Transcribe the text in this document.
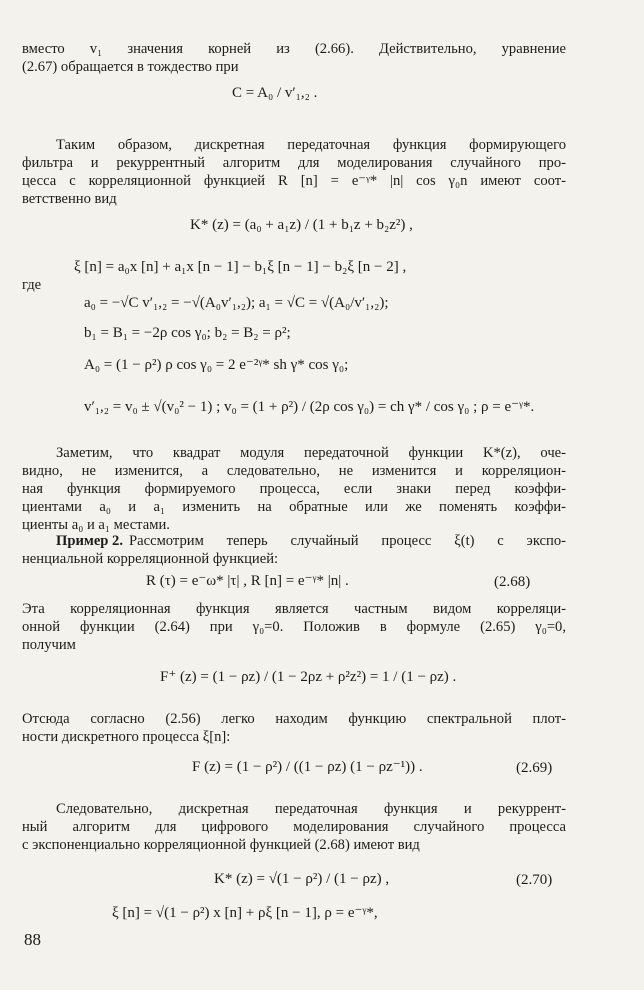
вместо v₁ значения корней из (2.66). Действительно, уравнение
(2.67) обращается в тождество при
C = A₀ / v′₁,₂ .
Таким образом, дискретная передаточная функция формирующего
фильтра и рекуррентный алгоритм для моделирования случайного про-
цесса с корреляционной функцией R [n] = e⁻ᵞ* |n| cos γ₀n имеют соот-
ветственно вид
K* (z) = (a₀ + a₁z) / (1 + b₁z + b₂z²) ,
ξ [n] = a₀x [n] + a₁x [n − 1] − b₁ξ [n − 1] − b₂ξ [n − 2] ,
где
a₀ = −√C v′₁,₂ = −√(A₀v′₁,₂); a₁ = √C = √(A₀/v′₁,₂);
b₁ = B₁ = −2ρ cos γ₀; b₂ = B₂ = ρ²;
A₀ = (1 − ρ²) ρ cos γ₀ = 2 e⁻²ᵞ* sh γ* cos γ₀;
v′₁,₂ = v₀ ± √(v₀² − 1) ; v₀ = (1 + ρ²) / (2ρ cos γ₀) = ch γ* / cos γ₀ ; ρ = e⁻ᵞ*.
Заметим, что квадрат модуля передаточной функции K*(z), оче-
видно, не изменится, а следовательно, не изменится и корреляцион-
ная функция формируемого процесса, если знаки перед коэффи-
циентами a₀ и a₁ изменить на обратные или же поменять коэффи-
циенты a₀ и a₁ местами.
Пример 2. Рассмотрим теперь случайный процесс ξ(t) с экспо-
ненциальной корреляционной функцией:
R (τ) = e⁻ω* |τ| , R [n] = e⁻ᵞ* |n| .	(2.68)
Эта корреляционная функция является частным видом корреляци-
онной функции (2.64) при γ₀=0. Положив в формуле (2.65) γ₀=0,
получим
F⁺ (z) = (1 − ρz) / (1 − 2ρz + ρ²z²) = 1 / (1 − ρz) .
Отсюда согласно (2.56) легко находим функцию спектральной плот-
ности дискретного процесса ξ[n]:
F (z) = (1 − ρ²) / ((1 − ρz) (1 − ρz⁻¹)) .	(2.69)
Следовательно, дискретная передаточная функция и рекуррент-
ный алгоритм для цифрового моделирования случайного процесса
с экспоненциально корреляционной функцией (2.68) имеют вид
K* (z) = √(1 − ρ²) / (1 − ρz) ,	(2.70)
ξ [n] = √(1 − ρ²) x [n] + ρξ [n − 1], ρ = e⁻ᵞ*,
88
